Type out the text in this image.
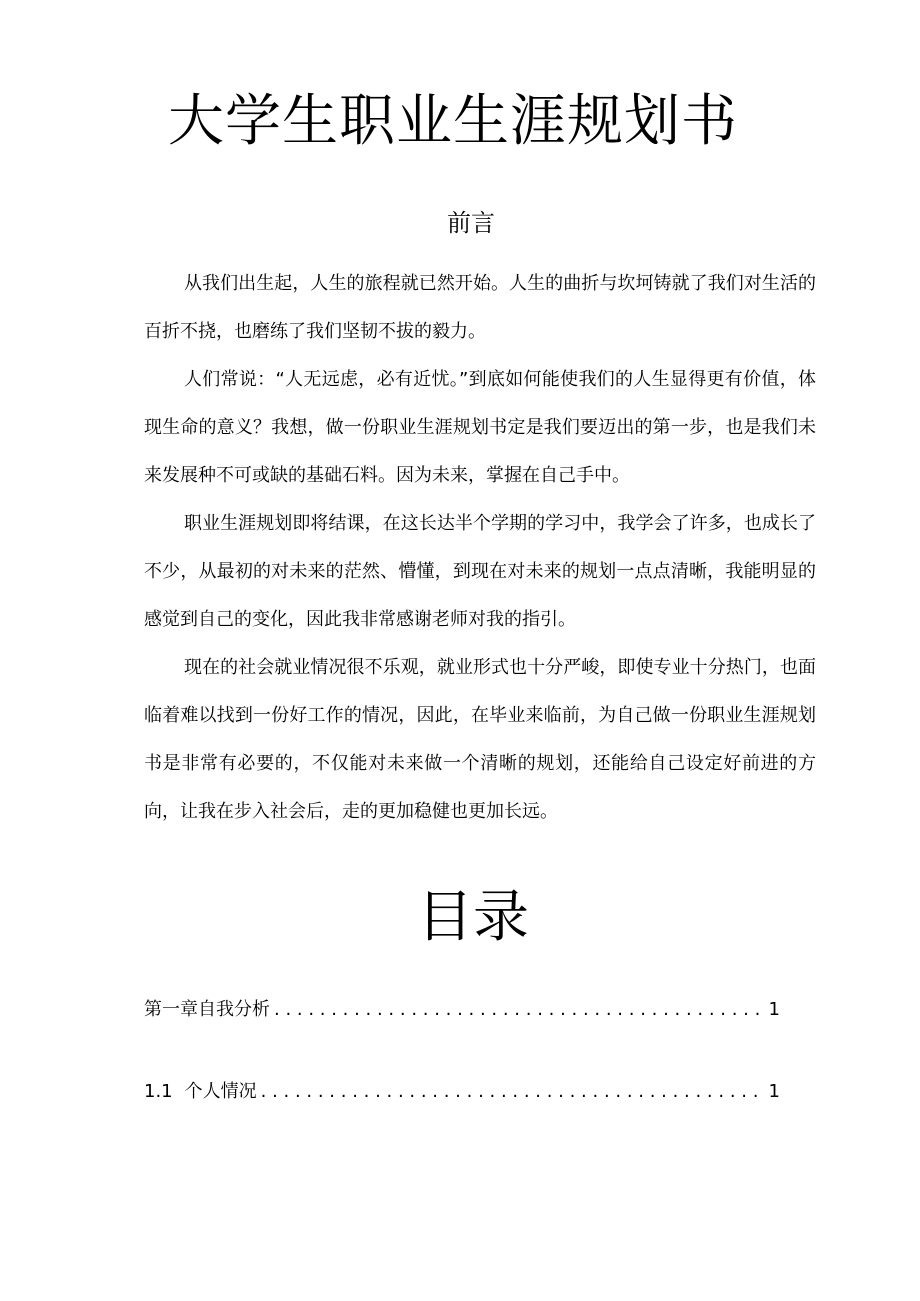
大学生职业生涯规划书
前言

从我们出生起，人生的旅程就已然开始。人生的曲折与坎坷铸就了我们对生活的百折不挠，也磨练了我们坚韧不拔的毅力。

人们常说：“人无远虑，必有近忧。”到底如何能使我们的人生显得更有价值，体现生命的意义？我想，做一份职业生涯规划书定是我们要迈出的第一步，也是我们未来发展种不可或缺的基础石料。因为未来，掌握在自己手中。

职业生涯规划即将结课，在这长达半个学期的学习中，我学会了许多，也成长了不少，从最初的对未来的茫然、懵懂，到现在对未来的规划一点点清晰，我能明显的感觉到自己的变化，因此我非常感谢老师对我的指引。

现在的社会就业情况很不乐观，就业形式也十分严峻，即使专业十分热门，也面临着难以找到一份好工作的情况，因此，在毕业来临前，为自己做一份职业生涯规划书是非常有必要的，不仅能对未来做一个清晰的规划，还能给自己设定好前进的方向，让我在步入社会后，走的更加稳健也更加长远。

目录
第一章自我分析 . . .	1
1.1 个人情况 . . .	1
